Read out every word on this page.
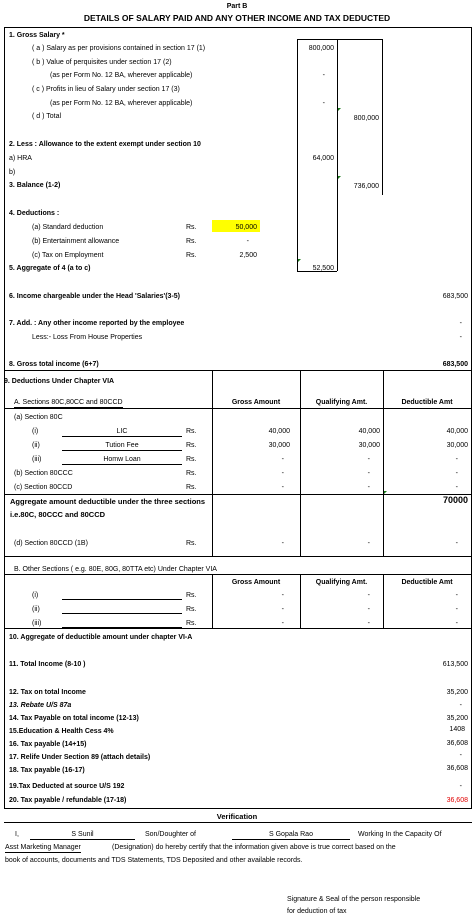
Part B
DETAILS OF SALARY PAID AND ANY OTHER INCOME AND TAX DEDUCTED
1. Gross Salary *
( a ) Salary as per provisions contained in section 17 (1)	800,000
( b ) Value of perquisites under section 17 (2)
(as per Form No. 12 BA, wherever applicable)	-
( c ) Profits in lieu of Salary under section 17 (3)
(as per Form No. 12 BA, wherever applicable)	-
( d ) Total	800,000
2. Less : Allowance to the extent exempt under section 10
a) HRA	64,000
b)
3. Balance (1-2)	736,000
4. Deductions :
(a) Standard deduction	Rs.	50,000
(b) Entertainment allowance	Rs.	-
(c) Tax on Employment	Rs.	2,500
5. Aggregate of 4 (a to c)	52,500
6. Income chargeable under the Head 'Salaries'(3-5)	683,500
7. Add. : Any other income reported by the employee	-
Less:- Loss From House Properties	-
8. Gross total income (6+7)	683,500
9. Deductions Under Chapter VIA
Gross Amount	Qualifying Amt.	Deductible Amt
A. Sections 80C,80CC and 80CCD
(a) Section 80C
(i)	LIC	Rs.	40,000	40,000	40,000
(ii)	Tution Fee	Rs.	30,000	30,000	30,000
(iii)	Homw Loan	Rs.	-	-	-
(b) Section 80CCC	Rs.	-	-	-
(c) Section 80CCD	Rs.	-	-	-
Aggregate amount deductible under the three sections
i.e.80C, 80CCC and 80CCD
70000
(d) Section 80CCD (1B)	Rs.	-	-	-
B. Other Sections ( e.g. 80E, 80G, 80TTA etc) Under Chapter VIA
Gross Amount	Qualifying Amt.	Deductible Amt
(i)	Rs.	-	-	-
(ii)	Rs.	-	-	-
(iii)	Rs.	-	-	-
10. Aggregate of deductible amount under chapter VI-A
11. Total Income (8-10 )	613,500
12. Tax on total Income	35,200
13. Rebate U/S 87a	-
14. Tax Payable on total income (12-13)	35,200
15.Education & Health Cess 4%	1408
16. Tax payable (14+15)	36,608
17. Relife Under Section 89 (attach details)	-
18. Tax payable (16-17)	36,608
19.Tax Deducted at source U/S 192	-
20. Tax payable / refundable (17-18)	36,608
Verification
I,	S Sunil	Son/Doughter of	S Gopala Rao	Working In the Capacity Of
Asst Marketing Manager	(Designation) do hereby certify that the information given above is true correct based on the
book of accounts, documents and TDS Statements, TDS Deposited and other available records.
Signature & Seal of the person responsible
for deduction of tax
